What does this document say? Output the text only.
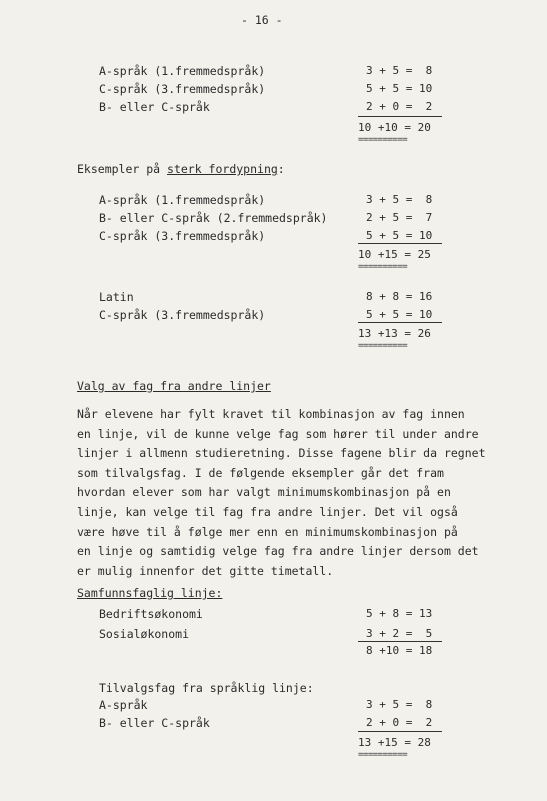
- 16 -
A-språk (1.fremmedspråk)	3 + 5 =  8
C-språk (3.fremmedspråk)	5 + 5 = 10
B- eller C-språk	2 + 0 =  2
10 +10 = 20
==========
Eksempler på sterk fordypning:
A-språk (1.fremmedspråk)	3 + 5 =  8
B- eller C-språk (2.fremmedspråk)	2 + 5 =  7
C-språk (3.fremmedspråk)	5 + 5 = 10
10 +15 = 25
==========
Latin	8 + 8 = 16
C-språk (3.fremmedspråk)	5 + 5 = 10
13 +13 = 26
==========
Valg av fag fra andre linjer
Når elevene har fylt kravet til kombinasjon av fag innen
en linje, vil de kunne velge fag som hører til under andre
linjer i allmenn studieretning. Disse fagene blir da regnet
som tilvalgsfag. I de følgende eksempler går det fram
hvordan elever som har valgt minimumskombinasjon på en
linje, kan velge til fag fra andre linjer. Det vil også
være høve til å følge mer enn en minimumskombinasjon på
en linje og samtidig velge fag fra andre linjer dersom det
er mulig innenfor det gitte timetall.
Samfunnsfaglig linje:
Bedriftsøkonomi	5 + 8 = 13
Sosialøkonomi	3 + 2 =  5
8 +10 = 18
Tilvalgsfag fra språklig linje:
A-språk	3 + 5 =  8
B- eller C-språk	2 + 0 =  2
13 +15 = 28
==========
